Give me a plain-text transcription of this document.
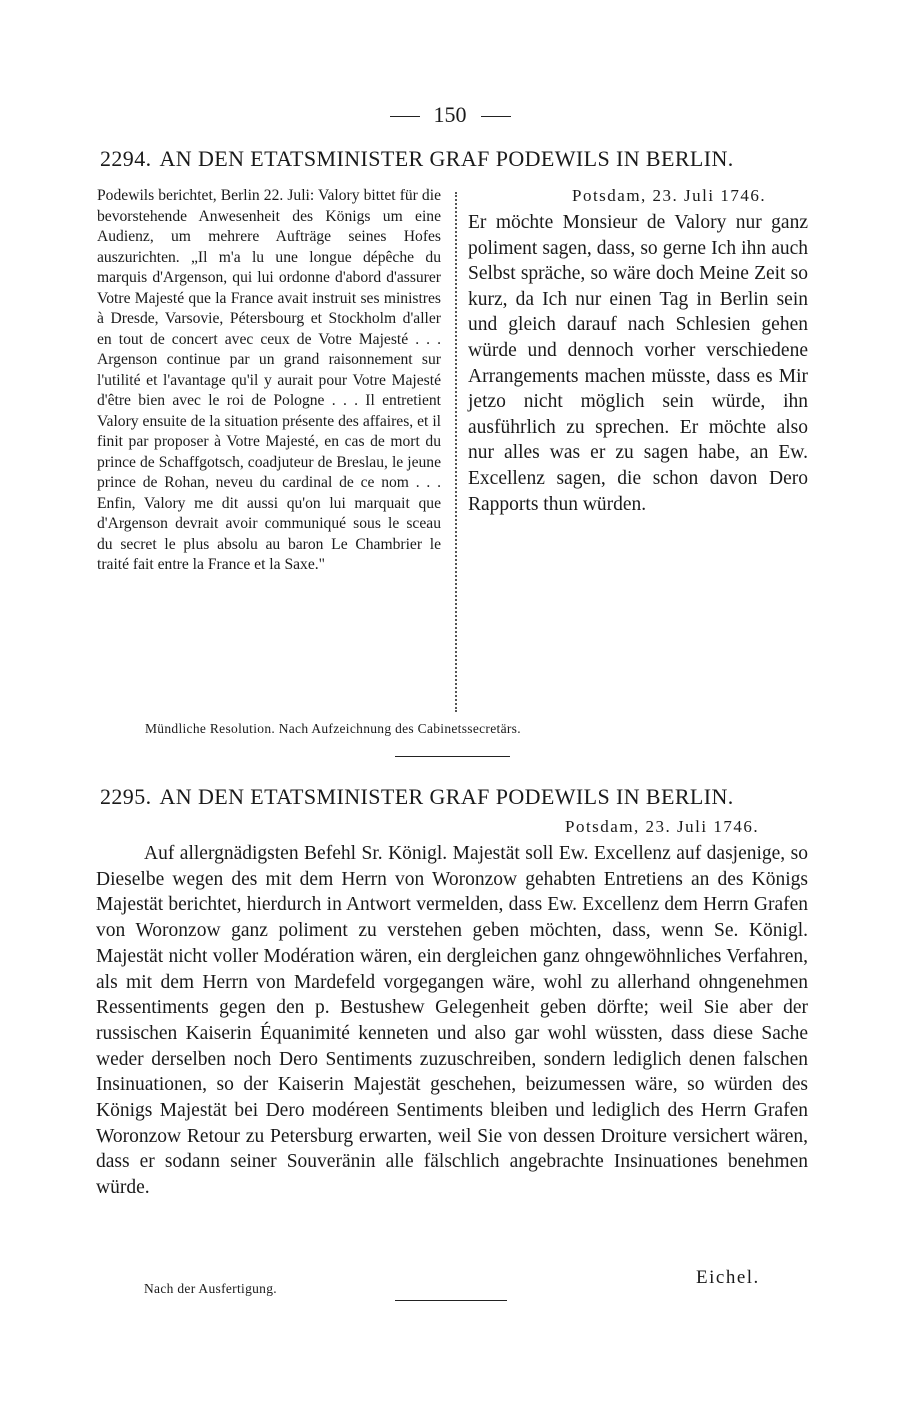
150
2294. AN DEN ETATSMINISTER GRAF PODEWILS IN BERLIN.
Podewils berichtet, Berlin 22. Juli: Valory bittet für die bevorstehende Anwesenheit des Königs um eine Audienz, um mehrere Aufträge seines Hofes auszurichten. „Il m'a lu une longue dépêche du marquis d'Argenson, qui lui ordonne d'abord d'assurer Votre Majesté que la France avait instruit ses ministres à Dresde, Varsovie, Pétersbourg et Stockholm d'aller en tout de concert avec ceux de Votre Majesté . . . Argenson continue par un grand raisonnement sur l'utilité et l'avantage qu'il y aurait pour Votre Majesté d'être bien avec le roi de Pologne . . . Il entretient Valory ensuite de la situation présente des affaires, et il finit par proposer à Votre Majesté, en cas de mort du prince de Schaffgotsch, coadjuteur de Breslau, le jeune prince de Rohan, neveu du cardinal de ce nom . . . Enfin, Valory me dit aussi qu'on lui marquait que d'Argenson devrait avoir communiqué sous le sceau du secret le plus absolu au baron Le Chambrier le traité fait entre la France et la Saxe."
Potsdam, 23. Juli 1746.
Er möchte Monsieur de Valory nur ganz poliment sagen, dass, so gerne Ich ihn auch Selbst spräche, so wäre doch Meine Zeit so kurz, da Ich nur einen Tag in Berlin sein und gleich darauf nach Schlesien gehen würde und dennoch vorher verschiedene Arrangements machen müsste, dass es Mir jetzo nicht möglich sein würde, ihn ausführlich zu sprechen. Er möchte also nur alles was er zu sagen habe, an Ew. Excellenz sagen, die schon davon Dero Rapports thun würden.
Mündliche Resolution. Nach Aufzeichnung des Cabinetssecretärs.
2295. AN DEN ETATSMINISTER GRAF PODEWILS IN BERLIN.
Potsdam, 23. Juli 1746.
Auf allergnädigsten Befehl Sr. Königl. Majestät soll Ew. Excellenz auf dasjenige, so Dieselbe wegen des mit dem Herrn von Woronzow gehabten Entretiens an des Königs Majestät berichtet, hierdurch in Antwort vermelden, dass Ew. Excellenz dem Herrn Grafen von Woronzow ganz poliment zu verstehen geben möchten, dass, wenn Se. Königl. Majestät nicht voller Modération wären, ein dergleichen ganz ohngewöhnliches Verfahren, als mit dem Herrn von Mardefeld vorgegangen wäre, wohl zu allerhand ohngenehmen Ressentiments gegen den p. Bestushew Gelegenheit geben dörfte; weil Sie aber der russischen Kaiserin Équanimité kenneten und also gar wohl wüssten, dass diese Sache weder derselben noch Dero Sentiments zuzuschreiben, sondern lediglich denen falschen Insinuationen, so der Kaiserin Majestät geschehen, beizumessen wäre, so würden des Königs Majestät bei Dero modéreen Sentiments bleiben und lediglich des Herrn Grafen Woronzow Retour zu Petersburg erwarten, weil Sie von dessen Droiture versichert wären, dass er sodann seiner Souveränin alle fälschlich angebrachte Insinuationes benehmen würde.
Eichel.
Nach der Ausfertigung.
